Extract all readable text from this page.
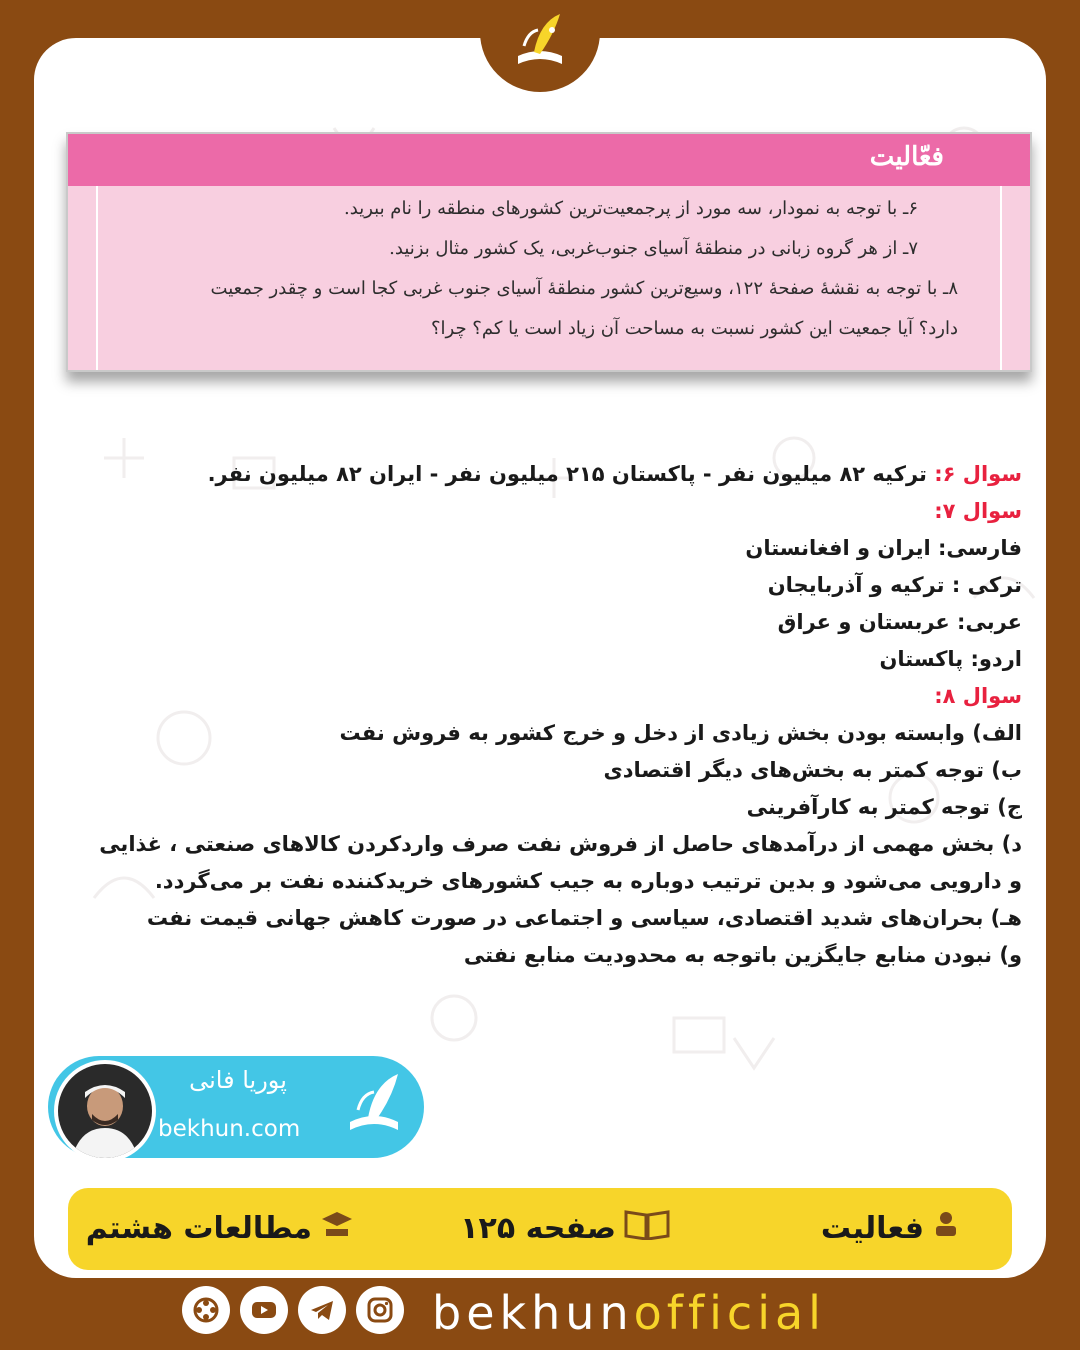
فعّالیت
۶ـ با توجه به نمودار، سه مورد از پرجمعیت‌ترین کشورهای منطقه را نام ببرید.
۷ـ از هر گروه زبانی در منطقهٔ آسیای جنوب‌غربی، یک کشور مثال بزنید.
۸ـ با توجه به نقشهٔ صفحهٔ ۱۲۲، وسیع‌ترین کشور منطقهٔ آسیای جنوب غربی کجا است و چقدر جمعیت
دارد؟ آیا جمعیت این کشور نسبت به مساحت آن زیاد است یا کم؟ چرا؟
سوال ۶: ترکیه ۸۲ میلیون نفر - پاکستان ۲۱۵ میلیون نفر - ایران ۸۲ میلیون نفر.
سوال ۷:
فارسی: ایران و افغانستان
ترکی : ترکیه و آذربایجان
عربی: عربستان و عراق
اردو: پاکستان
سوال ۸:
الف) وابسته بودن بخش زیادی از دخل و خرج کشور به فروش نفت
ب) توجه کمتر به بخش‌های دیگر اقتصادی
ج) توجه کمتر به کارآفرینی
د) بخش مهمی از درآمدهای حاصل از فروش نفت صرف واردکردن کالاهای صنعتی ، غذایی
و دارویی می‌شود و بدین ترتیب دوباره به جیب کشورهای خریدکننده نفت بر می‌گردد.
هـ) بحران‌های شدید اقتصادی، سیاسی و اجتماعی در صورت کاهش جهانی قیمت نفت
و) نبودن منابع جایگزین باتوجه به محدودیت منابع نفتی
پوریا فانی
bekhun.com
فعالیت
صفحه ۱۲۵
مطالعات هشتم
bekhunofficial
